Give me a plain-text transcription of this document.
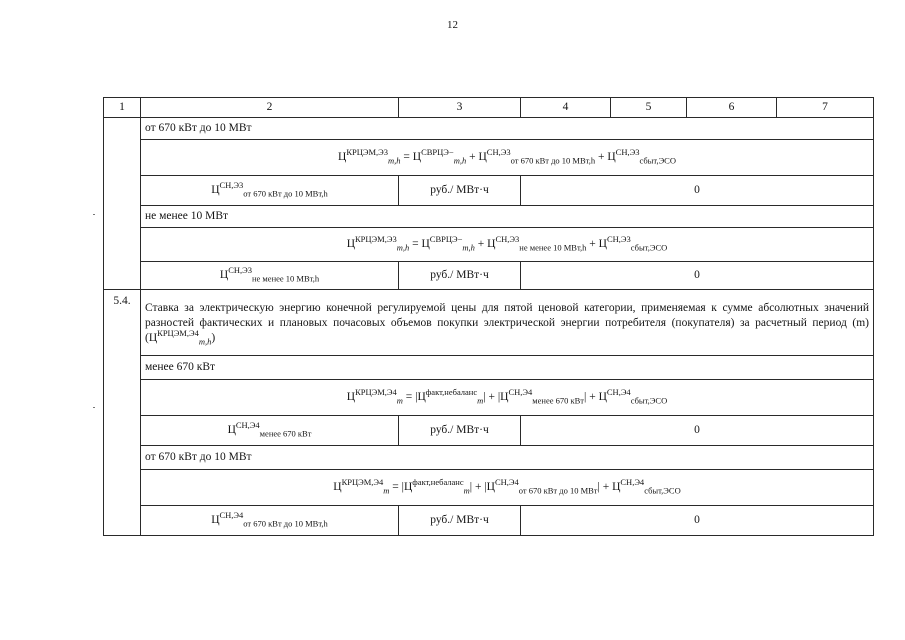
12
1	2	3	4	5	6	7
	от 670 кВт до 10 МВт					
	$Ц^{КРЦЭМ,Э3}_{m,h} = Ц^{СВРЦЭ-}_{m,h} + Ц^{СН,Э3}_{от 670 кВт до 10 МВт,h} + Ц^{СН,Э3}_{сбыт,ЭСО}$
	$Ц^{СН,Э3}_{от 670 кВт до 10 МВт,h}$	руб./ МВт·ч	0			
	не менее 10 МВт					
	$Ц^{КРЦЭМ,Э3}_{m,h} = Ц^{СВРЦЭ-}_{m,h} + Ц^{СН,Э3}_{не менее 10 МВт,h} + Ц^{СН,Э3}_{сбыт,ЭСО}$
	$Ц^{СН,Э3}_{не менее 10 МВт,h}$	руб./ МВт·ч	0			
5.4.	Ставка за электрическую энергию конечной регулируемой цены для пятой ценовой категории, применяемая к сумме абсолютных значений разностей фактических и плановых почасовых объемов покупки электрической энергии потребителя (покупателя) за расчетный период (m) $(Ц^{КРЦЭМ,Э4}_{m,h})$					
	менее 670 кВт					
	$Ц^{КРЦЭМ,Э4}_m = |Ц^{факт,небаланс}_m| + |Ц^{СН,Э4}_{менее 670 кВт}| + Ц^{СН,Э4}_{сбыт,ЭСО}$
	$Ц^{СН,Э4}_{менее 670 кВт}$	руб./ МВт·ч	0			
	от 670 кВт до 10 МВт					
	$Ц^{КРЦЭМ,Э4}_m = |Ц^{факт,небаланс}_m| + |Ц^{СН,Э4}_{от 670 кВт до 10 МВт}| + Ц^{СН,Э4}_{сбыт,ЭСО}$
	$Ц^{СН,Э4}_{от 670 кВт до 10 МВт,h}$	руб./ МВт·ч	0			
